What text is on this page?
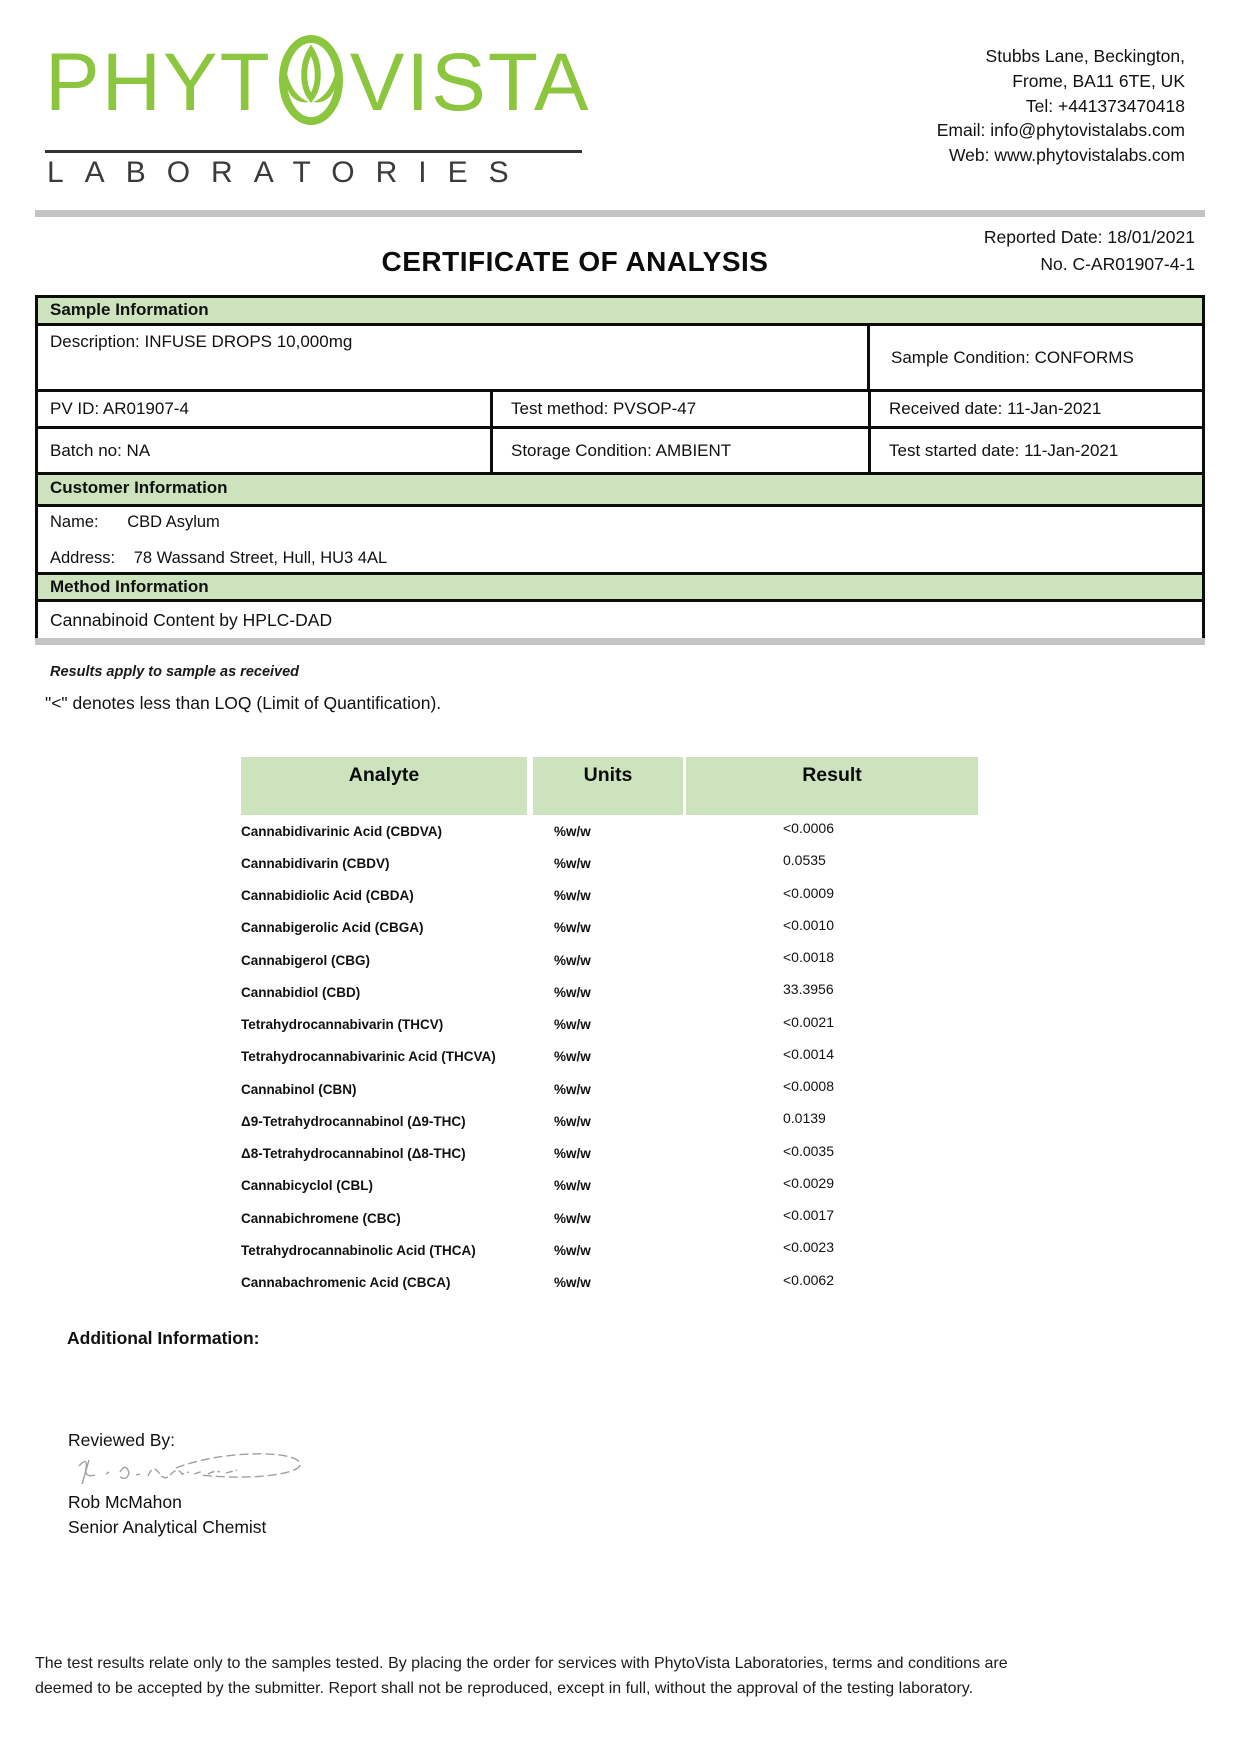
PHYT VISTA
LABORATORIES
Stubbs Lane, Beckington,
Frome, BA11 6TE, UK
Tel: +441373470418
Email: info@phytovistalabs.com
Web: www.phytovistalabs.com
CERTIFICATE OF ANALYSIS
Reported Date: 18/01/2021
No. C-AR01907-4-1
Sample Information
Description: INFUSE DROPS 10,000mg
Sample Condition: CONFORMS
PV ID: AR01907-4	Test method: PVSOP-47	Received date: 11-Jan-2021
Batch no: NA	Storage Condition: AMBIENT	Test started date: 11-Jan-2021
Customer Information
Name: CBD Asylum
Address: 78 Wassand Street, Hull, HU3 4AL
Method Information
Cannabinoid Content by HPLC-DAD
Results apply to sample as received
"<" denotes less than LOQ (Limit of Quantification).
Analyte	Units	Result
Cannabidivarinic Acid (CBDVA)	%w/w	<0.0006
Cannabidivarin (CBDV)	%w/w	0.0535
Cannabidiolic Acid (CBDA)	%w/w	<0.0009
Cannabigerolic Acid (CBGA)	%w/w	<0.0010
Cannabigerol (CBG)	%w/w	<0.0018
Cannabidiol (CBD)	%w/w	33.3956
Tetrahydrocannabivarin (THCV)	%w/w	<0.0021
Tetrahydrocannabivarinic Acid (THCVA)	%w/w	<0.0014
Cannabinol (CBN)	%w/w	<0.0008
Δ9-Tetrahydrocannabinol (Δ9-THC)	%w/w	0.0139
Δ8-Tetrahydrocannabinol (Δ8-THC)	%w/w	<0.0035
Cannabicyclol (CBL)	%w/w	<0.0029
Cannabichromene (CBC)	%w/w	<0.0017
Tetrahydrocannabinolic Acid (THCA)	%w/w	<0.0023
Cannabachromenic Acid (CBCA)	%w/w	<0.0062
Additional Information:
Reviewed By:
Rob McMahon
Senior Analytical Chemist
The test results relate only to the samples tested. By placing the order for services with PhytoVista Laboratories, terms and conditions are
deemed to be accepted by the submitter. Report shall not be reproduced, except in full, without the approval of the testing laboratory.
